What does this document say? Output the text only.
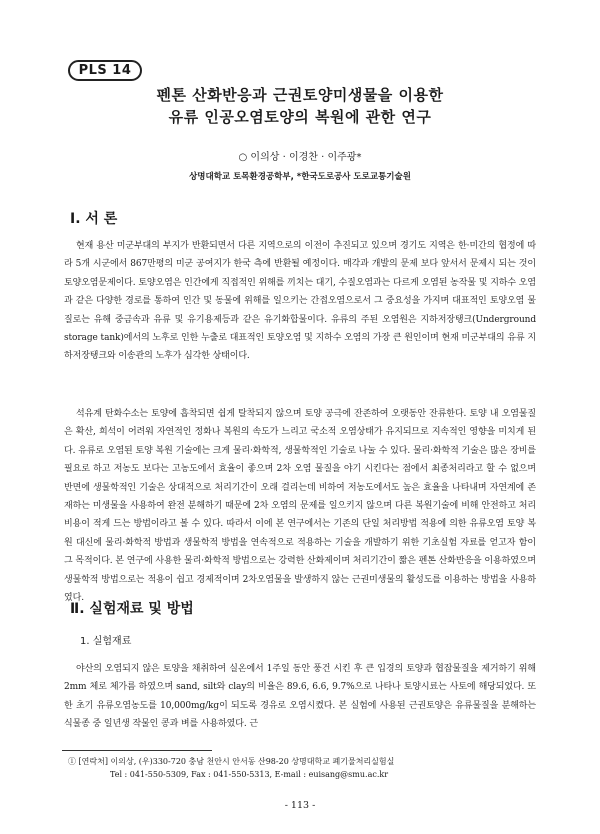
PLS 14
펜톤 산화반응과 근권토양미생물을 이용한
유류 인공오염토양의 복원에 관한 연구
○ 이의상 · 이경찬 · 이주광*
상명대학교 토목환경공학부, *한국도로공사 도로교통기술원
Ⅰ. 서 론

현재 용산 미군부대의 부지가 반환되면서 다른 지역으로의 이전이 추진되고 있으며 경기도 지역은 한·미간의 협정에 따라 5개 시군에서 867만평의 미군 공여지가 한국 측에 반환될 예정이다. 매각과 개발의 문제 보다 앞서서 문제시 되는 것이 토양오염문제이다. 토양오염은 인간에게 직접적인 위해를 끼치는 대기, 수질오염과는 다르게 오염된 농작물 및 지하수 오염과 같은 다양한 경로를 통하여 인간 및 동물에 위해를 일으키는 간접오염으로서 그 중요성을 가지며 대표적인 토양오염 물질로는 유해 중금속과 유류 및 유기용제등과 같은 유기화합물이다. 유류의 주된 오염원은 지하저장탱크(Underground storage tank)에서의 노후로 인한 누출로 대표적인 토양오염 및 지하수 오염의 가장 큰 원인이며 현재 미군부대의 유류 지하저장탱크와 이송관의 노후가 심각한 상태이다.

석유계 탄화수소는 토양에 흡착되면 쉽게 탈착되지 않으며 토양 공극에 잔존하여 오랫동안 잔류한다. 토양 내 오염물질은 확산, 희석이 어려워 자연적인 정화나 복원의 속도가 느리고 국소적 오염상태가 유지되므로 지속적인 영향을 미치게 된다. 유류로 오염된 토양 복원 기술에는 크게 물리·화학적, 생물학적인 기술로 나눌 수 있다. 물리·화학적 기술은 많은 장비를 필요로 하고 저농도 보다는 고농도에서 효율이 좋으며 2차 오염 물질을 야기 시킨다는 점에서 최종처리라고 할 수 없으며 반면에 생물학적인 기술은 상대적으로 처리기간이 오래 걸리는데 비하여 저농도에서도 높은 효율을 나타내며 자연계에 존재하는 미생물을 사용하여 완전 분해하기 때문에 2차 오염의 문제를 일으키지 않으며 다른 복원기술에 비해 안전하고 처리비용이 적게 드는 방법이라고 볼 수 있다. 따라서 이에 본 연구에서는 기존의 단일 처리방법 적용에 의한 유류오염 토양 복원 대신에 물리·화학적 방법과 생물학적 방법을 연속적으로 적용하는 기술을 개발하기 위한 기초실험 자료를 얻고자 함이 그 목적이다. 본 연구에 사용한 물리·화학적 방법으로는 강력한 산화제이며 처리기간이 짧은 펜톤 산화반응을 이용하였으며 생물학적 방법으로는 적용이 쉽고 경제적이며 2차오염물을 발생하지 않는 근권미생물의 활성도를 이용하는 방법을 사용하였다.

Ⅱ. 실험재료 및 방법
1. 실험재료

야산의 오염되지 않은 토양을 채취하여 실온에서 1주일 동안 풍건 시킨 후 큰 입경의 토양과 협잡물질을 제거하기 위해 2mm 체로 체가름 하였으며 sand, silt와 clay의 비율은 89.6, 6.6, 9.7%으로 나타나 토양시료는 사토에 해당되었다. 또한 초기 유류오염농도를 10,000mg/kg이 되도록 경유로 오염시켰다. 본 실험에 사용된 근권토양은 유류물질을 분해하는 식물종 중 일년생 작물인 콩과 벼를 사용하였다. 근

① [연락처] 이의상, (우)330-720 충남 천안시 안서동 산98-20 상명대학교 폐기물처리실험실
Tel : 041-550-5309, Fax : 041-550-5313, E-mail : euisang@smu.ac.kr
- 113 -
